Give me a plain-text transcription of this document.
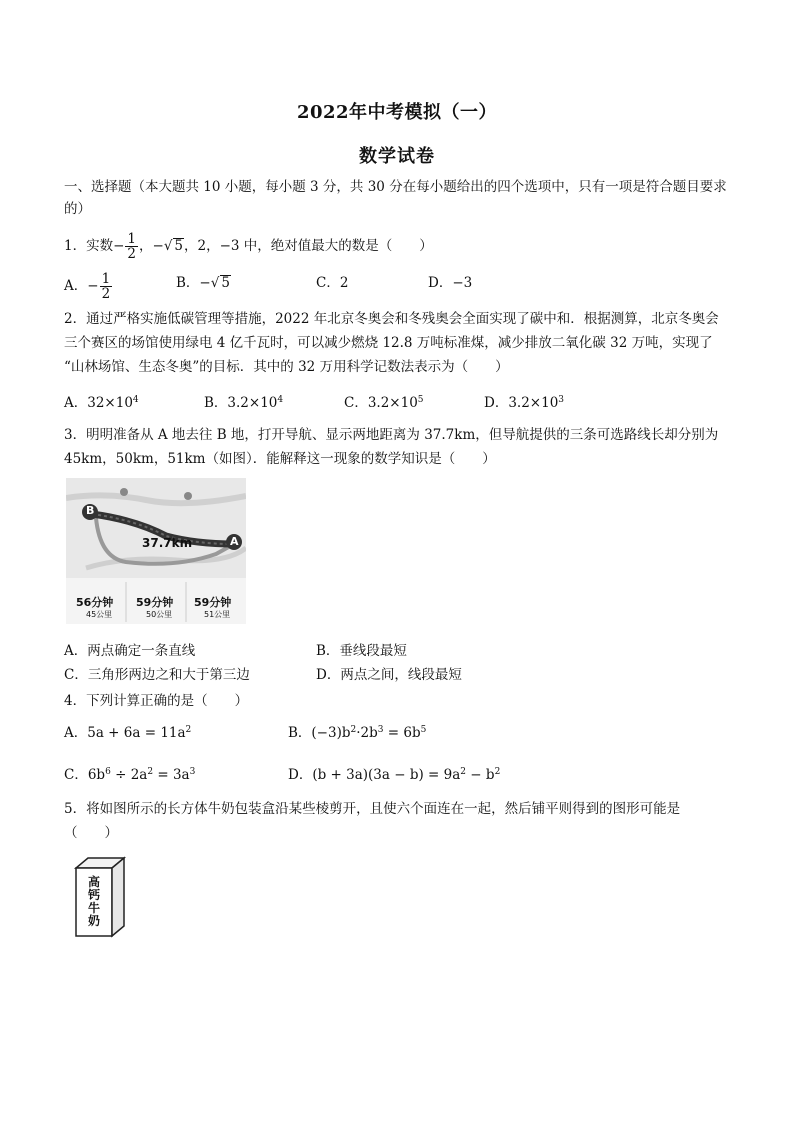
2022年中考模拟（一）
数学试卷
一、选择题（本大题共 10 小题，每小题 3 分，共 30 分在每小题给出的四个选项中，只有一项是符合题目要求
的）
1．实数− $\frac{1}{2}$ ，−√ 5，2，−3 中，绝对值最大的数是（　　）
A．− $\frac{1}{2}$	B．−√ 5	C．2	D．−3
2．通过严格实施低碳管理等措施，2022 年北京冬奥会和冬残奥会全面实现了碳中和．根据测算，北京冬奥会
三个赛区的场馆使用绿电 4 亿千瓦时，可以减少燃烧 12.8 万吨标准煤，减少排放二氧化碳 32 万吨，实现了
“山林场馆、生态冬奥”的目标．其中的 32 万用科学记数法表示为（　　）
A．$32\times 10^4$	B．$3.2\times 10^4$	C．$3.2\times 10^5$	D．$3.2\times 10^3$
3．明明准备从 A 地去往 B 地，打开导航、显示两地距离为 37.7km，但导航提供的三条可选路线长却分别为
45km，50km，51km（如图）．能解释这一现象的数学知识是（　　）
B
A
37.7km
56分钟
45公里
59分钟
50公里
59分钟
51公里
A．两点确定一条直线	B．垂线段最短
C．三角形两边之和大于第三边	D．两点之间，线段最短
4．下列计算正确的是（　　）
A．$5a + 6a = 11a^2$	B．$(-3)b^2\cdot 2b^3 = 6b^5$
C．$6b^6 \div 2a^2 = 3a^3$	D．$(b + 3a)(3a - b) = 9a^2 - b^2$
5．将如图所示的长方体牛奶包装盒沿某些棱剪开，且使六个面连在一起，然后铺平则得到的图形可能是
（　　）
高钙牛奶
